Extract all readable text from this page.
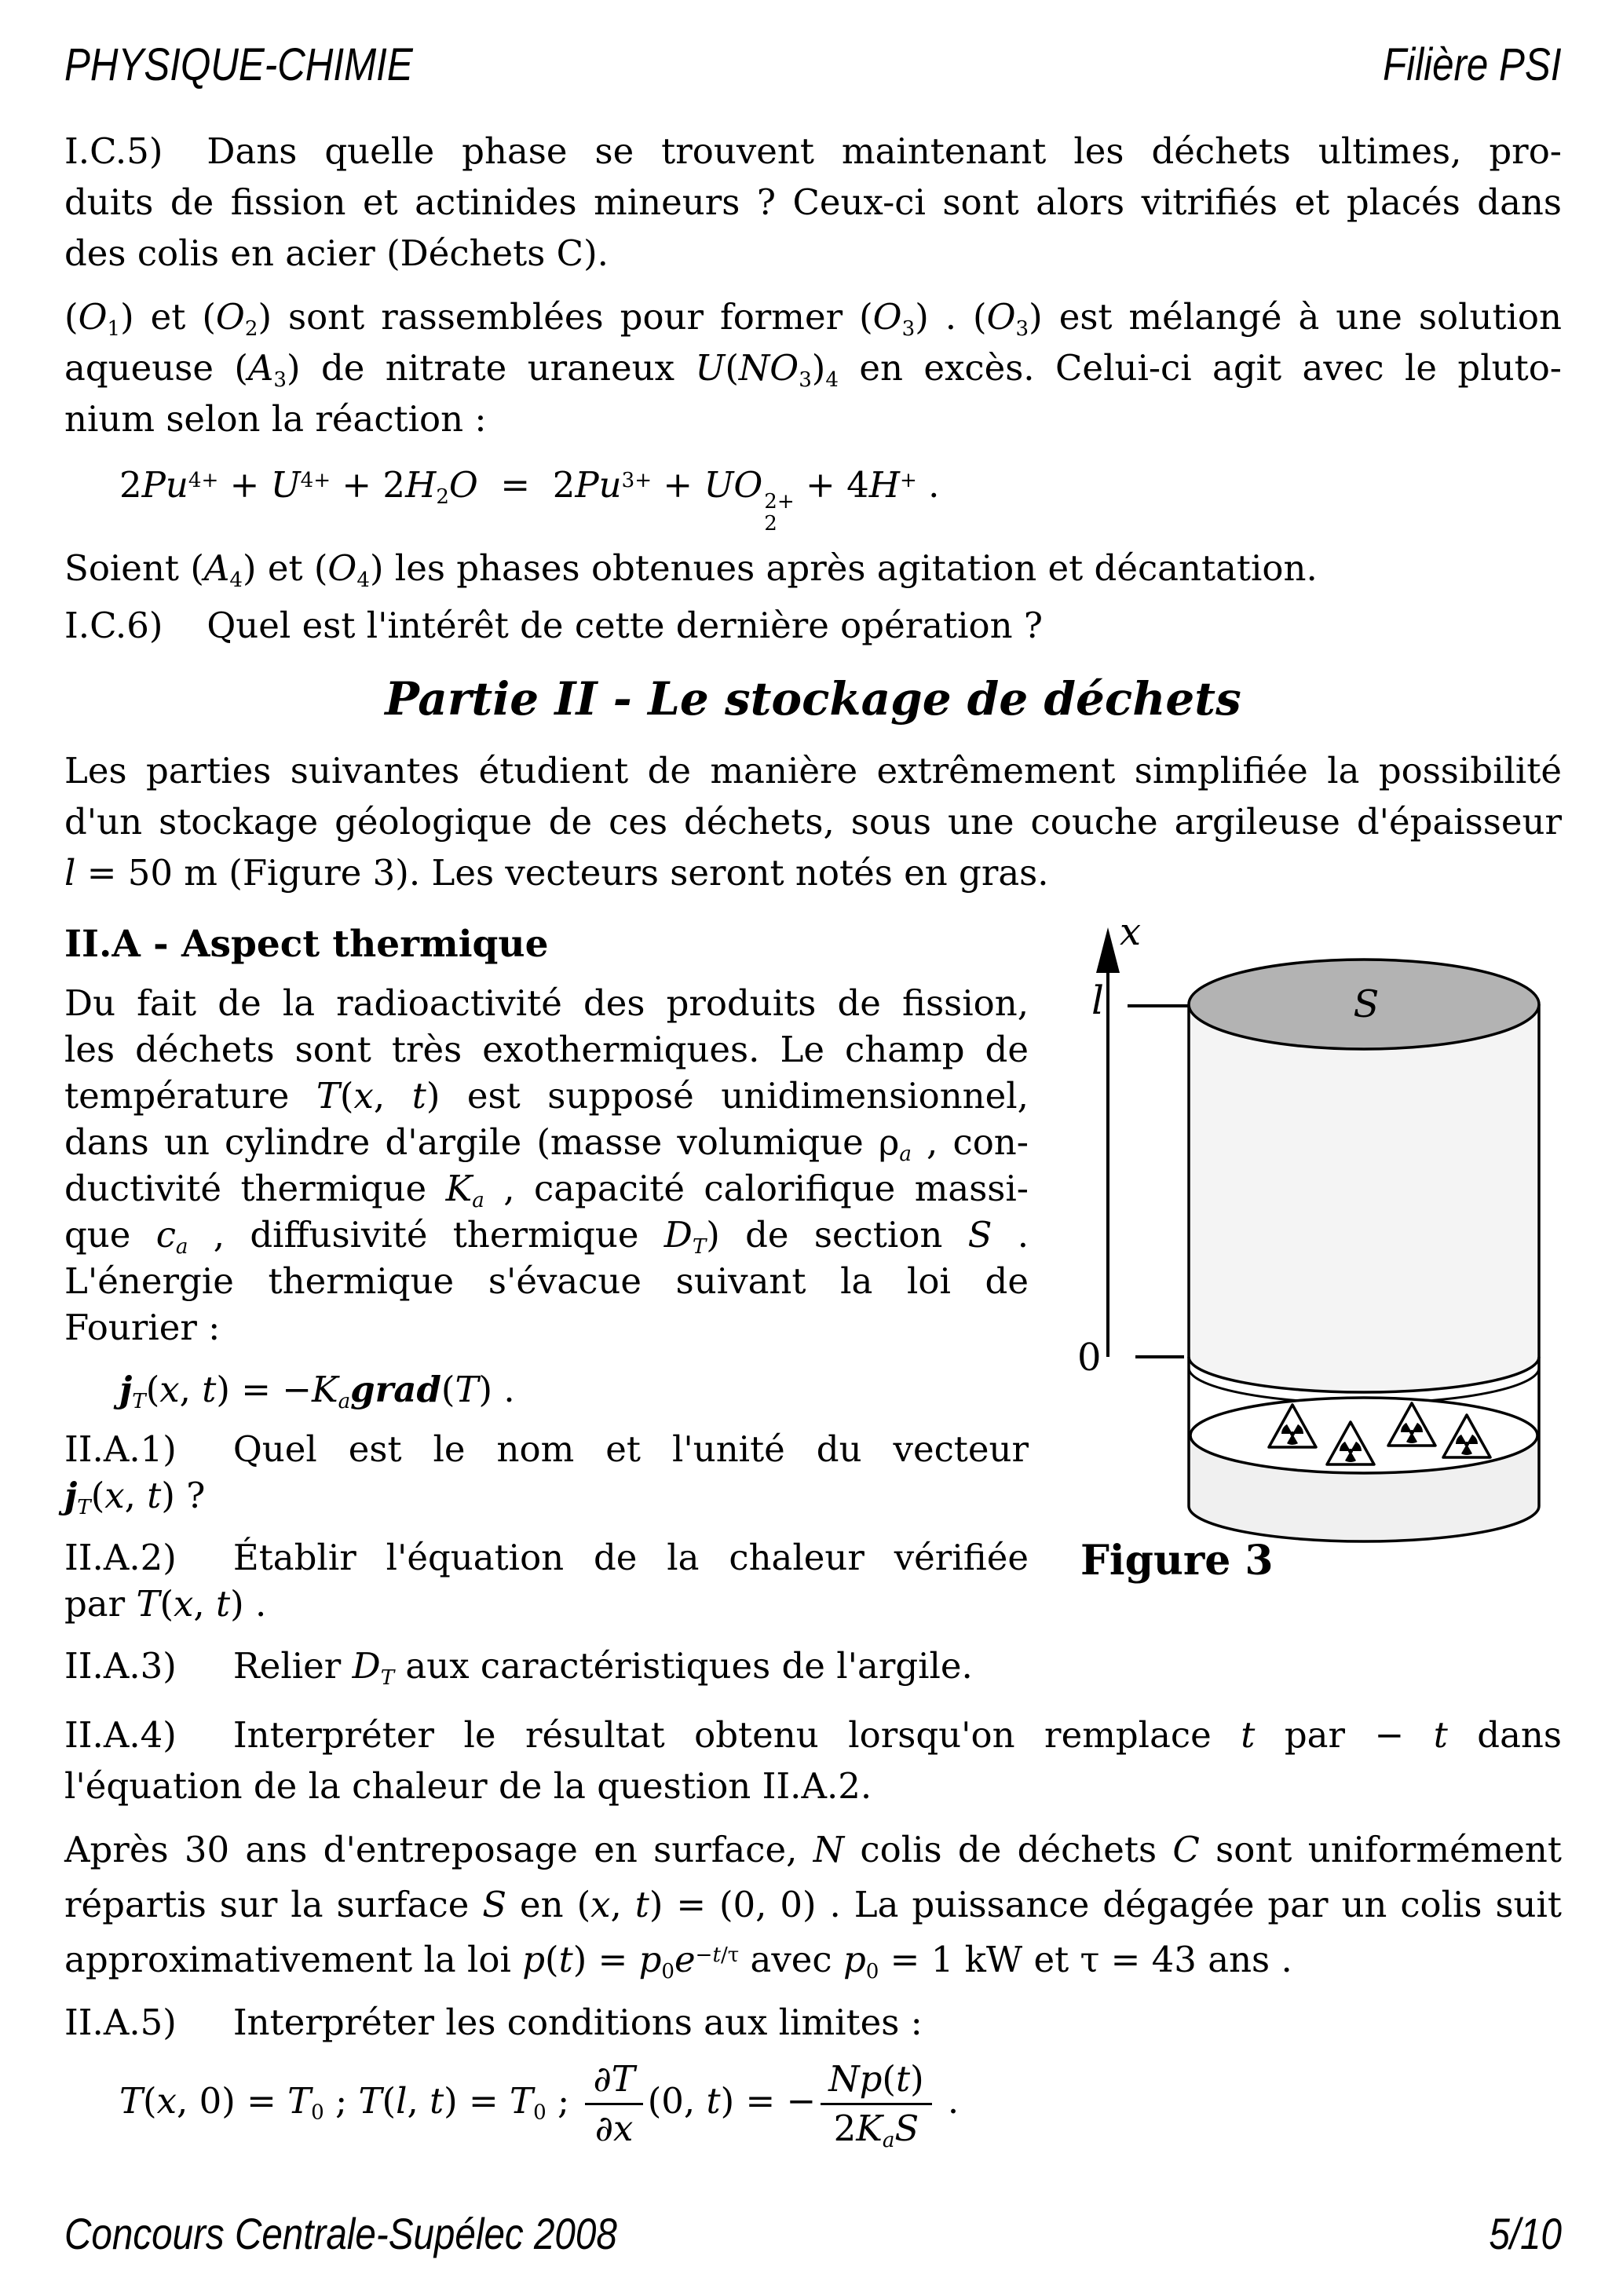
PHYSIQUE-CHIMIE	Filière PSI
I.C.5) Dans quelle phase se trouvent maintenant les déchets ultimes, pro-
duits de fission et actinides mineurs ? Ceux-ci sont alors vitrifiés et placés dans
des colis en acier (Déchets C).
$(O_1)$ et $(O_2)$ sont rassemblées pour former $(O_3)$ . $(O_3)$ est mélangé à une solution
aqueuse $(A_3)$ de nitrate uraneux $U(NO_3)_4$ en excès. Celui-ci agit avec le pluto-
nium selon la réaction :
$2Pu^{4+} + U^{4+} + 2H_2O = 2Pu^{3+}$ + UO 2+
2
+ 4H+ .
Soient $(A_4)$ et $(O_4)$ les phases obtenues après agitation et décantation.
I.C.6) Quel est l'intérêt de cette dernière opération ?
Partie II - Le stockage de déchets
Les parties suivantes étudient de manière extrêmement simplifiée la possibilité
d'un stockage géologique de ces déchets, sous une couche argileuse d'épaisseur
l = 50 m (Figure 3). Les vecteurs seront notés en gras.
II.A - Aspect thermique
Du fait de la radioactivité des produits de fission,
les déchets sont très exothermiques. Le champ de
température T(x, t) est supposé unidimensionnel,
dans un cylindre d'argile (masse volumique $\rho_a$ , con-
ductivité thermique $K_a$ , capacité calorifique massi-
que $c_a$ , diffusivité thermique $D_T$) de section S .
L'énergie thermique s'évacue suivant la loi de
Fourier :
$j_T(x$, $t) = -K_agrad(T)$ .
II.A.1) Quel est le nom et l'unité du vecteur
$j_T(x$, t) ?
II.A.2) Établir l'équation de la chaleur vérifiée
par T(x, t) .
II.A.3) Relier $D_T$ aux caractéristiques de l'argile.
II.A.4) Interpréter le résultat obtenu lorsqu'on remplace t par − t dans
l'équation de la chaleur de la question II.A.2.
Après 30 ans d'entreposage en surface, N colis de déchets C sont uniformément
répartis sur la surface S en (x, t) = (0, 0) . La puissance dégagée par un colis suit
approximativement la loi $p(t) = p_0e^{-t/\tau}$ avec $p_0 = 1$ kW et τ = 43 ans .
II.A.5) Interpréter les conditions aux limites :
T(x, $0) = T_0$ ; T(l, $t) = T_0$ ; $\frac{\partial T}{\partial x} (0$, t) = − $\frac{Np(t)}{2K_aS}$ .
x
l
0
S
Figure 3
Concours Centrale-Supélec 2008	5/10
